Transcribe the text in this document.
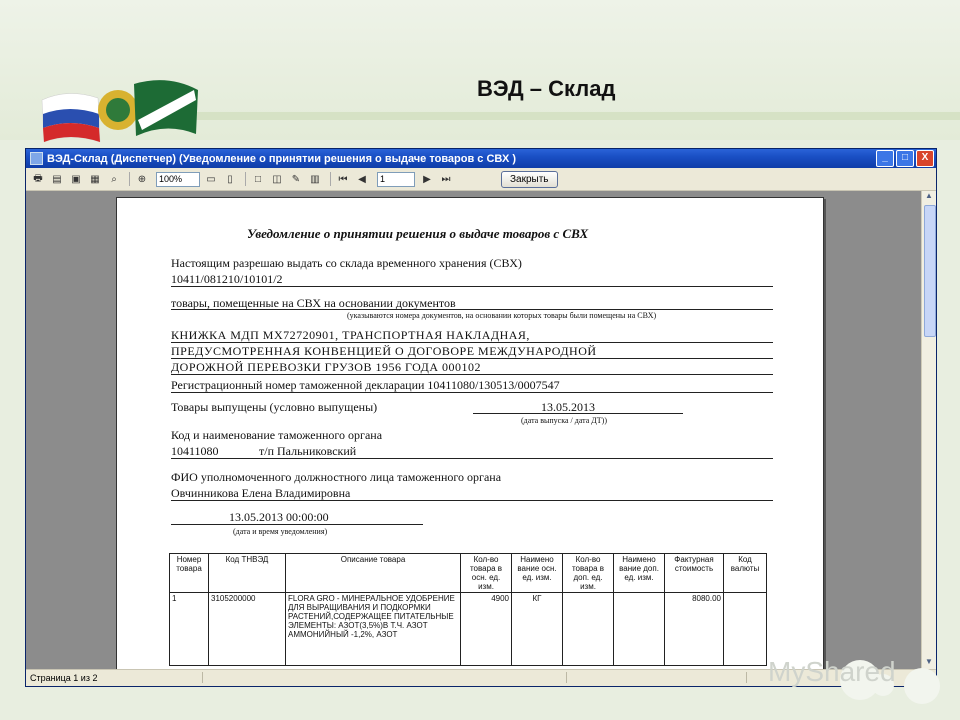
ВЭД – Склад
ВЭД-Склад (Диспетчер) (Уведомление о принятии решения о выдаче товаров с СВХ )	_	□	X
🖶 ▤ ▣ ▦	⌕	⊕	100%	▭	▯	□	◫	✎	▥	⏮	◀	1	▶	⏭	Закрыть
Уведомление о принятии решения о выдаче товаров с СВХ
Настоящим разрешаю выдать со склада временного хранения (СВХ)
10411/081210/10101/2
товары, помещенные на СВХ на основании документов
(указываются номера документов, на основании которых товары были помещены на СВХ)
КНИЖКА МДП МХ72720901, ТРАНСПОРТНАЯ НАКЛАДНАЯ,
ПРЕДУСМОТРЕННАЯ КОНВЕНЦИЕЙ О ДОГОВОРЕ МЕЖДУНАРОДНОЙ
ДОРОЖНОЙ ПЕРЕВОЗКИ ГРУЗОВ 1956 ГОДА 000102
Регистрационный номер таможенной декларации 10411080/130513/0007547
Товары выпущены (условно выпущены)	13.05.2013
(дата выпуска / дата ДТ))
Код и наименование таможенного органа
10411080	т/п Пальниковский
ФИО уполномоченного должностного лица таможенного органа
Овчинникова Елена Владимировна
13.05.2013 00:00:00
(дата и время уведомления)
Номер товара	Код ТНВЭД	Описание товара	Кол-во товара в осн. ед. изм.	Наимено вание осн. ед. изм.	Кол-во товара в доп. ед. изм.	Наимено вание доп. ед. изм.	Фактурная стоимость	Код валюты
1	3105200000	FLORA GRO - МИНЕРАЛЬНОЕ УДОБРЕНИЕ ДЛЯ ВЫРАЩИВАНИЯ И ПОДКОРМКИ РАСТЕНИЙ,СОДЕРЖАЩЕЕ ПИТАТЕЛЬНЫЕ ЭЛЕМЕНТЫ: АЗОТ(3,5%)В Т.Ч. АЗОТ АММОНИЙНЫЙ -1,2%, АЗОТ	4900	КГ			8080.00	
▲
▼
Страница 1 из 2	MyShared
